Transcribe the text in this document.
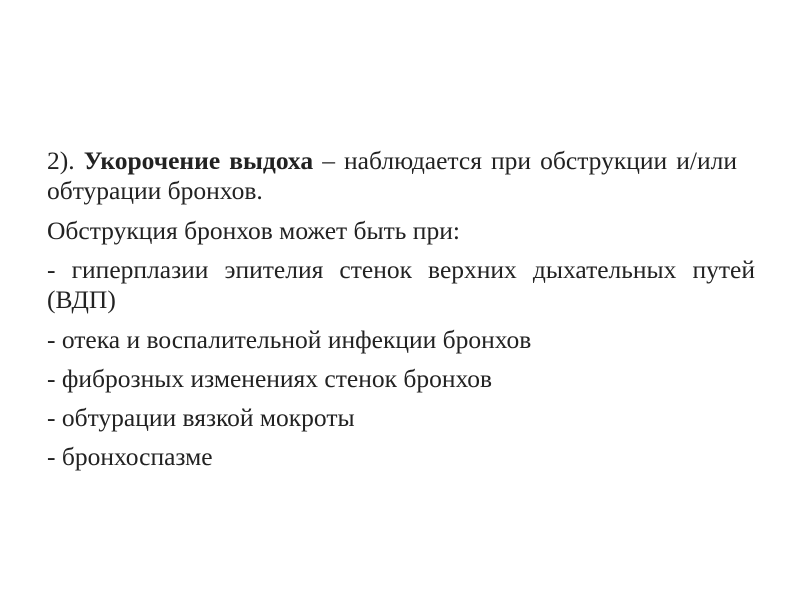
2). Укорочение выдоха – наблюдается при обструкции и/или обтурации бронхов.

Обструкция бронхов может быть при:

- гиперплазии эпителия стенок верхних дыхательных путей (ВДП)

- отека и воспалительной инфекции бронхов

- фиброзных изменениях стенок бронхов

- обтурации вязкой мокроты

- бронхоспазме
